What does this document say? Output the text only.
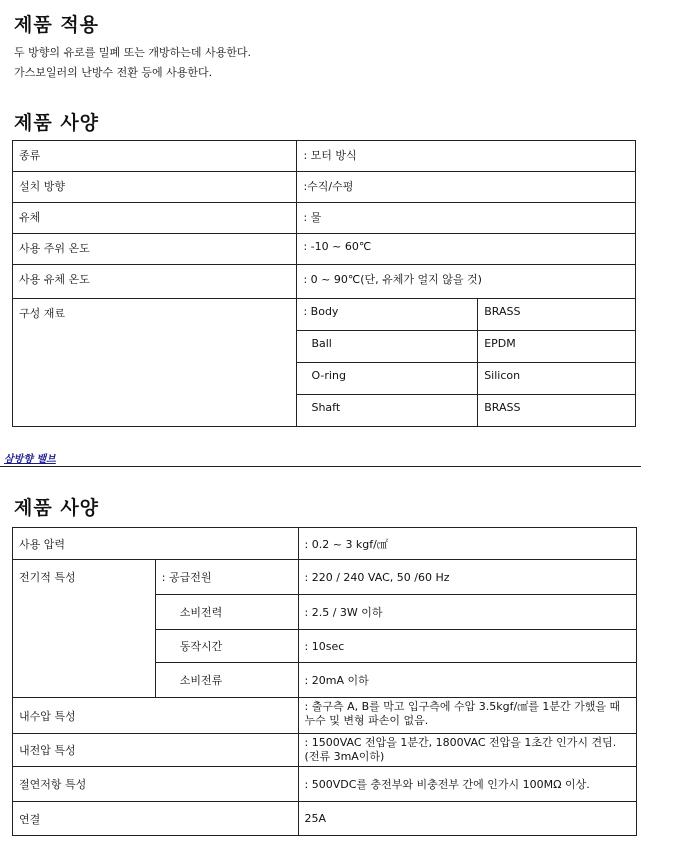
제품 적용

두 방향의 유로를 밀폐 또는 개방하는데 사용한다.

가스보일러의 난방수 전환 등에 사용한다.

제품 사양
종류	: 모터 방식	
설치 방향	:수직/수평	
유체	: 물	
사용 주위 온도	: -10 ~ 60℃	
사용 유체 온도	: 0 ~ 90℃(단, 유체가 얼지 않을 것)	
구성 재료	: Body	BRASS
	Ball	EPDM
	O-ring	Silicon
	Shaft	BRASS
삼방향 밸브
제품 사양
사용 압력		: 0.2 ~ 3 kgf/㎠
전기적 특성	: 공급전원	: 220 / 240 VAC, 50 /60 Hz
	소비전력	: 2.5 / 3W 이하
	동작시간	: 10sec
	소비전류	: 20mA 이하
내수압 특성		: 출구측 A, B를 막고 입구측에 수압 3.5kgf/㎠를 1분간 가했을 때 누수 및 변형 파손이 없음.
내전압 특성		: 1500VAC 전압을 1분간, 1800VAC 전압을 1초간 인가시 견딤. (전류 3mA이하)
절연저항 특성		: 500VDC를 충전부와 비충전부 간에 인가시 100MΩ 이상.
연결		25A
